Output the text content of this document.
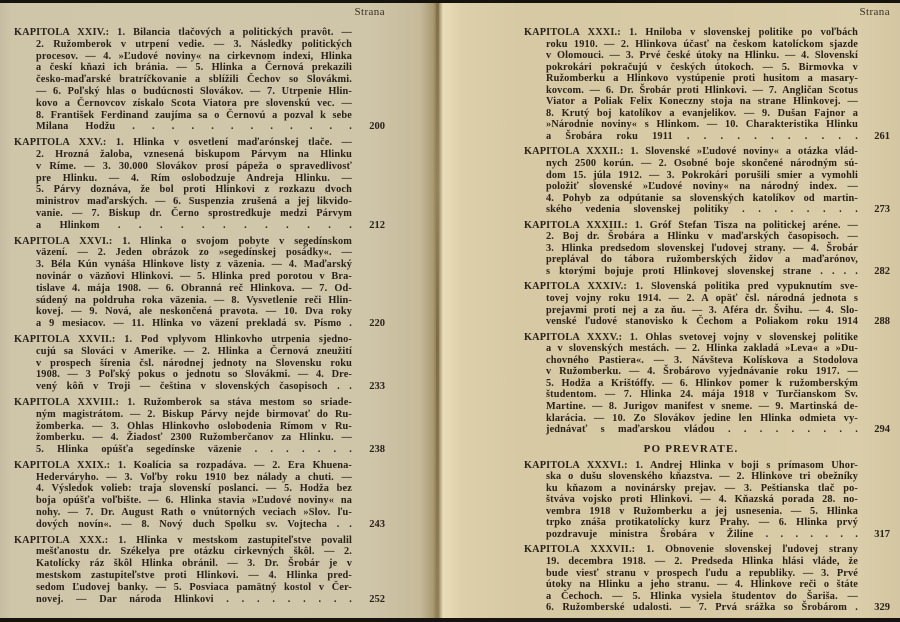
Strana
KAPITOLA XXIV.: 1. Bilancia tlačových a politických pravôt. —
2. Ružomberok v utrpení vedie. — 3. Následky politických
procesov. — 4. »Ľudové noviny« na cirkevnom indexi, Hlinka
a českí kňazi ich bránia. — 5. Hlinka a Černová prekazili
česko-maďarské bratríčkovanie a sblížili Čechov so Slovákmi.
— 6. Poľský hlas o budúcnosti Slovákov. — 7. Utrpenie Hlin-
kovo a Černovcov získalo Scota Viatora pre slovenskú vec. —
8. František Ferdinand zaujíma sa o Černovú a pozval k sebe
Milana Hodžu . . . . . . . . . . . . 200
KAPITOLA XXV.: 1. Hlinka v osvetlení maďarónskej tlače. —
2. Hrozná žaloba, vznesená biskupom Párvym na Hlinku
v Ríme. — 3. 30.000 Slovákov prosí pápeža o spravedlivosť
pre Hlinku. — 4. Rím oslobodzuje Andreja Hlinku. —
5. Párvy doznáva, že bol proti Hlinkovi z rozkazu dvoch
ministrov maďarských. — 6. Suspenzia zrušená a jej likvido-
vanie. — 7. Biskup dr. Černo sprostredkuje medzi Párvym
a Hlinkom . . . . . . . . . . . . 212
KAPITOLA XXVI.: 1. Hlinka o svojom pobyte v segedínskom
väzení. — 2. Jeden obrázok zo »segedínskej posádky«. —
3. Béla Kún vynáša Hlinkove listy z väzenia. — 4. Maďarský
novinár o väzňovi Hlinkovi. — 5. Hlinka pred porotou v Bra-
tislave 4. mája 1908. — 6. Obranná reč Hlinkova. — 7. Od-
súdený na poldruha roka väzenia. — 8. Vysvetlenie reči Hlin-
kovej. — 9. Nová, ale neskončená pravota. — 10. Dva roky
a 9 mesiacov. — 11. Hlinka vo väzení prekladá sv. Písmo . 220
KAPITOLA XXVII.: 1. Pod vplyvom Hlinkovho utrpenia sjedno-
cujú sa Slováci v Amerike. — 2. Hlinka a Černová zneužití
v prospech šírenia čsl. národnej jednoty na Slovensku roku
1908. — 3 Poľský pokus o jednotu so Slovákmi. — 4. Dre-
vený kôň v Troji — čeština v slovenských časopisoch . . 233
KAPITOLA XXVIII.: 1. Ružomberok sa stáva mestom so sriade-
ným magistrátom. — 2. Biskup Párvy nejde birmovať do Ru-
žomberka. — 3. Ohlas Hlinkovho oslobodenia Rímom v Ru-
žomberku. — 4. Žiadosť 2300 Ružomberčanov za Hlinku. —
5. Hlinka opúšťa segedínske väzenie . . . . . . . 238
KAPITOLA XXIX.: 1. Koalícia sa rozpadáva. — 2. Éra Khuena-
Hederváryho. — 3. Voľby roku 1910 bez nálady a chuti. —
4. Výsledok volieb: traja slovenskí poslanci. — 5. Hodža bez
boja opúšťa voľbište. — 6. Hlinka stavia »Ľudové noviny« na
nohy. — 7. Dr. August Rath o vnútorných veciach »Slov. ľu-
dových novín«. — 8. Nový duch Spolku sv. Vojtecha . . 243
KAPITOLA XXX.: 1. Hlinka v mestskom zastupiteľstve povalil
mešťanostu dr. Székelya pre otázku cirkevných škôl. — 2.
Katolícky ráz škôl Hlinka obránil. — 3. Dr. Šrobár je v
mestskom zastupiteľstve proti Hlinkovi. — 4. Hlinka pred-
sedom Ľudovej banky. — 5. Posviaca pamätný kostol v Čer-
novej. — Dar národa Hlinkovi . . . . . . . . . 252
Strana
KAPITOLA XXXI.: 1. Hniloba v slovenskej politike po voľbách
roku 1910. — 2. Hlinkova účasť na českom katolíckom sjazde
v Olomouci. — 3. Prvé české útoky na Hlinku. — 4. Slovenskí
pokrokári pokračujú v českých útokoch. — 5. Birmovka v
Ružomberku a Hlinkovo vystúpenie proti husitom a masary-
kovcom. — 6. Dr. Šrobár proti Hlinkovi. — 7. Angličan Scotus
Viator a Poliak Felix Koneczny stoja na strane Hlinkovej. —
8. Krutý boj katolíkov a evanjelikov. — 9. Dušan Fajnor a
»Národnie noviny« s Hlinkom. — 10. Charakteristika Hlinku
a Šrobára roku 1911 . . . . . . . . . . . 261
KAPITOLA XXXII.: 1. Slovenské »Ľudové noviny« a otázka vlád-
nych 2500 korún. — 2. Osobné boje skončené národným sú-
dom 15. júla 1912. — 3. Pokrokári porušili smier a vymohli
položiť slovenské »Ľudové noviny« na národný index. —
4. Pohyb za odpútanie sa slovenských katolíkov od martin-
ského vedenia slovenskej politiky . . . . . . . . 273
KAPITOLA XXXIII.: 1. Gróf Štefan Tisza na politickej aréne. —
2. Boj dr. Šrobára a Hlinku v maďarských časopisoch. —
3. Hlinka predsedom slovenskej ľudovej strany. — 4. Šrobár
preplával do tábora ružomberských židov a maďarónov,
s ktorými bojuje proti Hlinkovej slovenskej strane . . . . 282
KAPITOLA XXXIV.: 1. Slovenská politika pred vypuknutím sve-
tovej vojny roku 1914. — 2. A opäť čsl. národná jednota s
prejavmi proti nej a za ňu. — 3. Aféra dr. Švihu. — 4. Slo-
venské ľudové stanovisko k Čechom a Poliakom roku 1914 288
KAPITOLA XXXV.: 1. Ohlas svetovej vojny v slovenskej politike
a v slovenských mestách. — 2. Hlinka zakladá »Leva« a »Du-
chovného Pastiera«. — 3. Návšteva Kolískova a Stodolova
v Ružomberku. — 4. Šrobárovo vyjednávanie roku 1917. —
5. Hodža a Krištóffy. — 6. Hlinkov pomer k ružomberským
študentom. — 7. Hlinka 24. mája 1918 v Turčianskom Sv.
Martine. — 8. Jurigov manifest v sneme. — 9. Martinská de-
klarácia. — 10. Zo Slovákov jedine len Hlinka odmieta vy-
jednávať s maďarskou vládou . . . . . . . . . 294
PO PREVRATE.
KAPITOLA XXXVI.: 1. Andrej Hlinka v boji s prímasom Uhor-
ska o dušu slovenského kňazstva. — 2. Hlinkove tri obežníky
ku kňazom a novinársky prejav. — 3. Peštianska tlač po-
štváva vojsko proti Hlinkovi. — 4. Kňazská porada 28. no-
vembra 1918 v Ružomberku a jej usnesenia. — 5. Hlinka
trpko znáša protikatolícky kurz Prahy. — 6. Hlinka prvý
pozdravuje ministra Šrobára v Žiline . . . . . . . 317
KAPITOLA XXXVII.: 1. Obnovenie slovenskej ľudovej strany
19. decembra 1918. — 2. Predseda Hlinka hlási vláde, že
bude viesť stranu v prospech ľudu a republiky. — 3. Prvé
útoky na Hlinku a jeho stranu. — 4. Hlinkove reči o štáte
a Čechoch. — 5. Hlinka vysiela študentov do Šariša. —
6. Ružomberské udalosti. — 7. Prvá srážka so Šrobárom . 329
